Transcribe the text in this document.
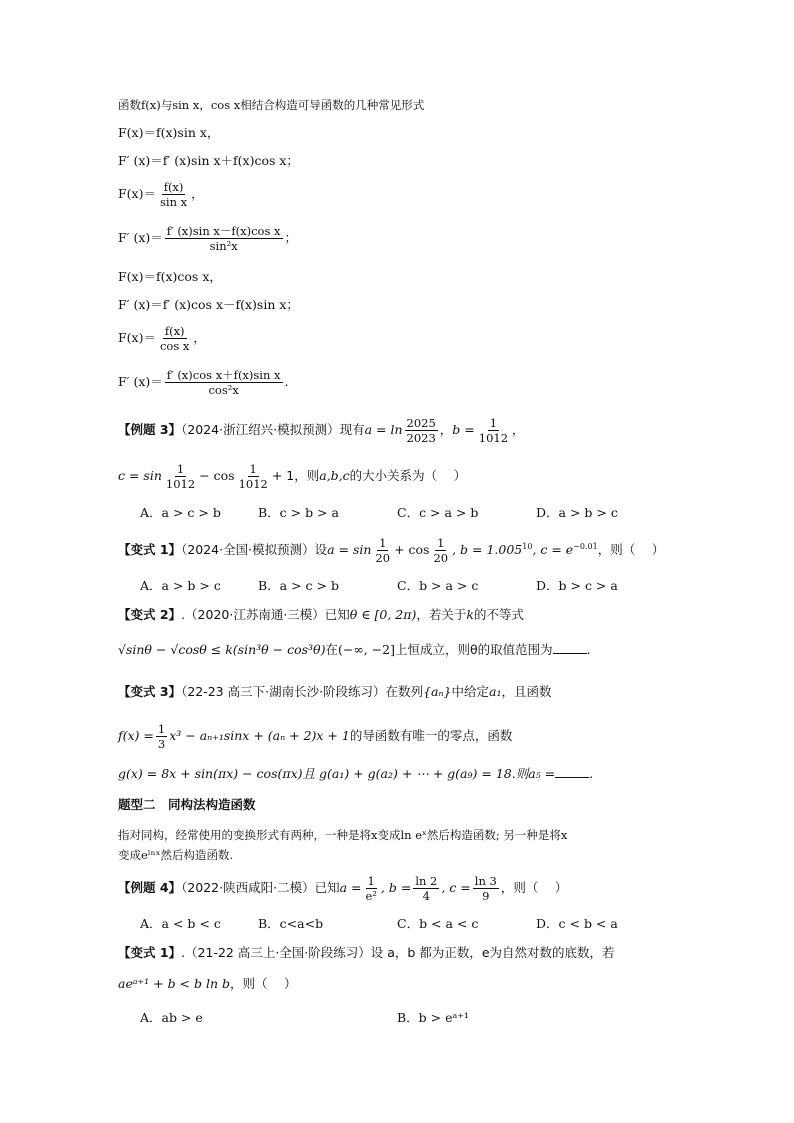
函数f(x)与sin x，cos x相结合构造可导函数的几种常见形式
F(x)＝f(x)sin x，
F′ (x)＝f′ (x)sin x＋f(x)cos x；
$F(x)= \frac{f(x)}{\text{sin x}}$ ，
F′ $(x)= \frac{\text{f′ (x)sin x－f(x)cos x}}{\text{sin²x}}$ ；
F(x)＝f(x)cos x，
F′ (x)＝f′ (x)cos x－f(x)sin x；
$F(x)= \frac{f(x)}{\text{cos x}}$ ，
F′ $(x)= \frac{\text{f′ (x)cos x＋f(x)sin x}}{\text{cos²x}}$ .
【例题 3】（2024·浙江绍兴·模拟预测）现有$a = \ln \frac{2025}{2023}$ ，$b = \frac{1}{1012}$ ，
$c = \sin \frac{1}{1012} - \cos \frac{1}{1012} + 1$，则a,b,c的大小关系为（　 ）
A．a > c > b	B．c > b > a	C．c > a > b	D．a > b > c
【变式 1】（2024·全国·模拟预测）设$a = \sin \frac{1}{20} + \cos \frac{1}{20}$ , $b = 1.005^{10}$, $c = e^{-0.01}$，则（　 ）
A．a > b > c	B．a > c > b	C．b > a > c	D．b > c > a
【变式 2】.（2020·江苏南通·三模）已知θ ∈ [0, 2π)，若关于k的不等式
√sinθ − √cosθ ≤ k(sin³θ − cos³θ)在(−∞, −2]上恒成立，则θ的取值范围为	.
【变式 3】（22-23 高三下·湖南长沙·阶段练习）在数列{aₙ}中给定a₁，且函数
$f(x) = \frac{1}{3} x^3 - a_{n+1}\sin x + (a_n + 2)x + 1$的导函数有唯一的零点，函数
g(x) = 8x + sin(πx) − cos(πx)且 g(a₁) + g(a₂) + ⋯ + g(a₉) = 18.则a₅ =	.
题型二　同构法构造函数
指对同构，经常使用的变换形式有两种，一种是将x变成ln eˣ然后构造函数; 另一种是将x
变成eˡⁿˣ然后构造函数.
【例题 4】（2022·陕西咸阳·二模）已知$a = \frac{1}{\text{e²}}$ , $b = \frac{\ln 2}{4}$ , $c = \frac{\ln 3}{9}$ ，则（　 ）
A．a < b < c	B．c<a<b	C．b < a < c	D．c < b < a
【变式 1】.（21-22 高三上·全国·阶段练习）设 a，b 都为正数，e为自然对数的底数，若
aeᵃ⁺¹ + b < b ln b，则（　 ）
A．ab > e	B．b > eᵃ⁺¹
